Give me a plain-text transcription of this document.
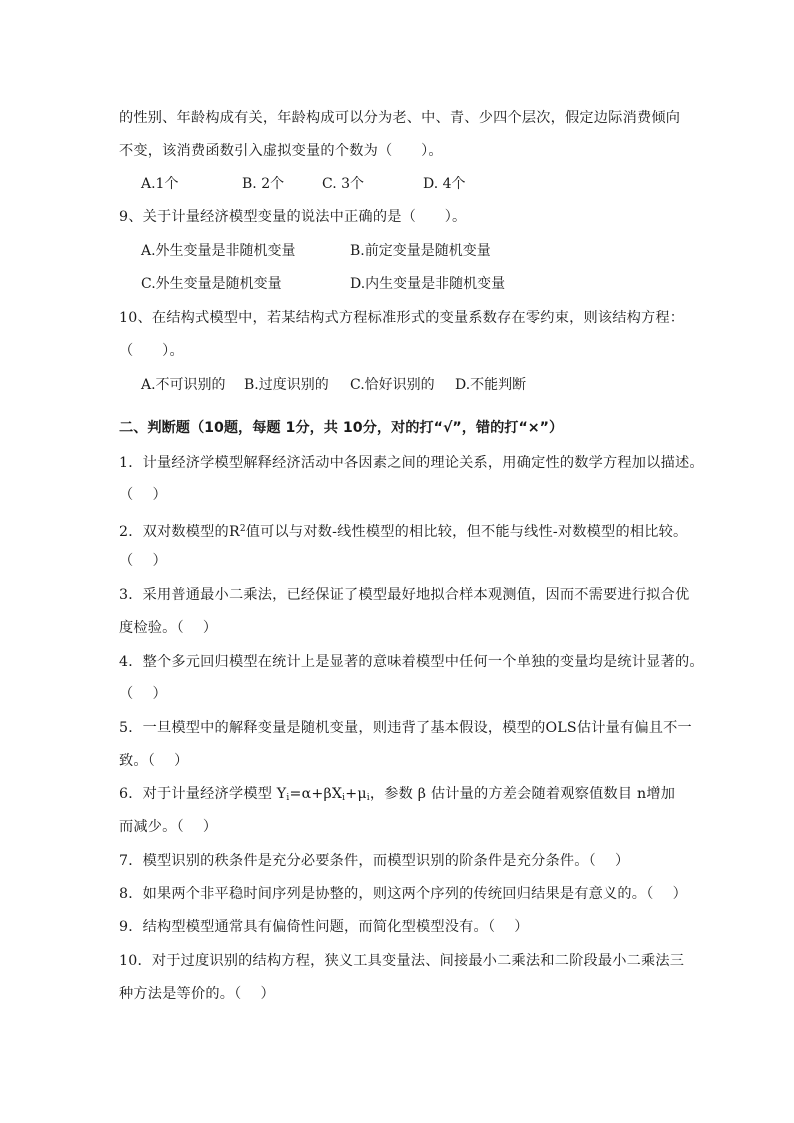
的性别、年龄构成有关，年龄构成可以分为老、中、青、少四个层次，假定边际消费倾向
不变，该消费函数引入虚拟变量的个数为（　　）。
A.1个	B. 2个	C. 3个	D. 4个
9、关于计量经济模型变量的说法中正确的是（　　）。
A.外生变量是非随机变量	B.前定变量是随机变量
C.外生变量是随机变量	D.内生变量是非随机变量
10、在结构式模型中，若某结构式方程标准形式的变量系数存在零约束，则该结构方程：
（　　）。
A.不可识别的 B.过度识别的 C.恰好识别的 D.不能判断
二、判断题（10题，每题 1分，共 10分，对的打“√”，错的打“×”）
1．计量经济学模型解释经济活动中各因素之间的理论关系，用确定性的数学方程加以描述。
（　 ）
2．双对数模型的$R^2$值可以与对数-线性模型的相比较，但不能与线性-对数模型的相比较。
（　 ）
3．采用普通最小二乘法，已经保证了模型最好地拟合样本观测值，因而不需要进行拟合优
度检验。（　 ）
4．整个多元回归模型在统计上是显著的意味着模型中任何一个单独的变量均是统计显著的。
（　 ）
5．一旦模型中的解释变量是随机变量，则违背了基本假设，模型的OLS估计量有偏且不一
致。（　 ）
6．对于计量经济学模型 $Y_i=\alpha+\beta X_i+\mu_i$，参数 β 估计量的方差会随着观察值数目 n增加
而减少。（　 ）
7．模型识别的秩条件是充分必要条件，而模型识别的阶条件是充分条件。（　 ）
8．如果两个非平稳时间序列是协整的，则这两个序列的传统回归结果是有意义的。（　 ）
9．结构型模型通常具有偏倚性问题，而简化型模型没有。（　 ）
10．对于过度识别的结构方程，狭义工具变量法、间接最小二乘法和二阶段最小二乘法三
种方法是等价的。（　 ）
